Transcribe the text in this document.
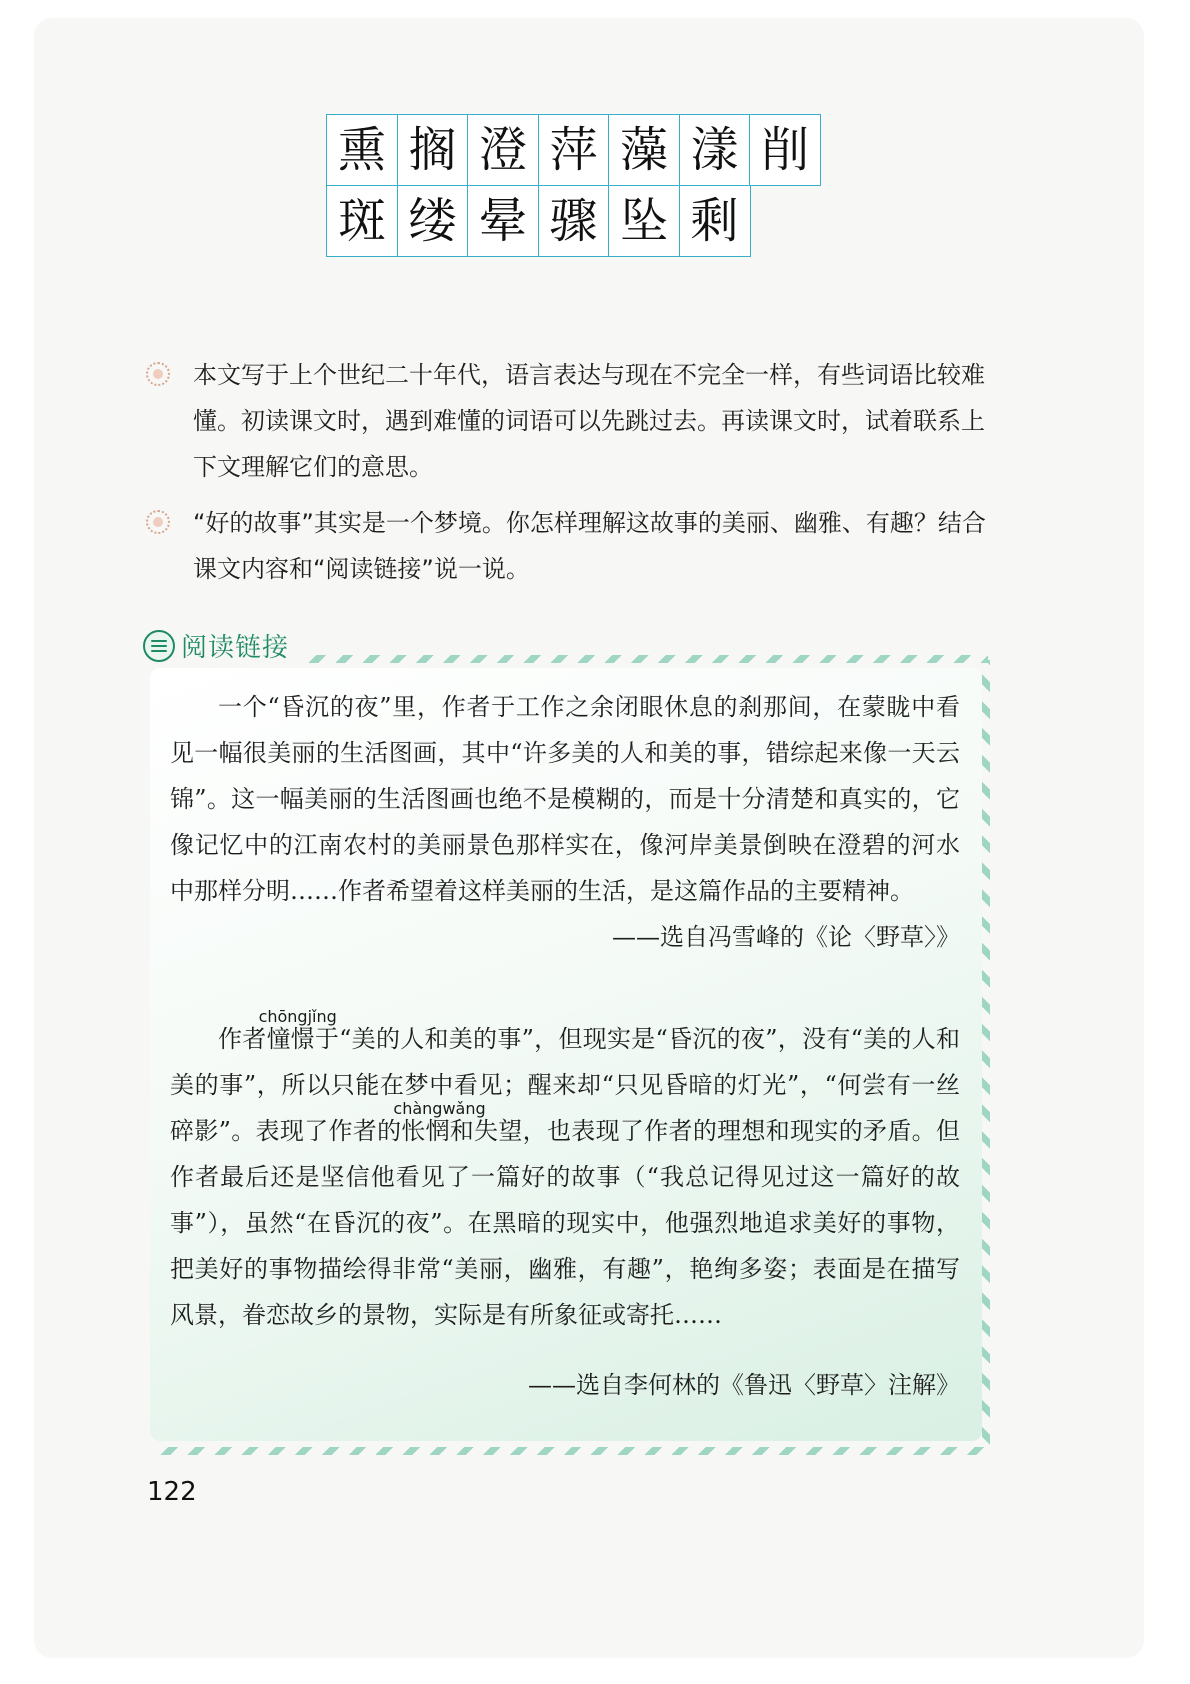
熏 搁 澄 萍 藻 漾 削
斑 缕 晕 骤 坠 剩
本文写于上个世纪二十年代，语言表达与现在不完全一样，有些词语比较难懂。初读课文时，遇到难懂的词语可以先跳过去。再读课文时，试着联系上下文理解它们的意思。
“好的故事”其实是一个梦境。你怎样理解这故事的美丽、幽雅、有趣？结合课文内容和“阅读链接”说一说。
阅读链接

一个“昏沉的夜”里，作者于工作之余闭眼休息的刹那间，在蒙眬中看见一幅很美丽的生活图画，其中“许多美的人和美的事，错综起来像一天云锦”。这一幅美丽的生活图画也绝不是模糊的，而是十分清楚和真实的，它像记忆中的江南农村的美丽景色那样实在，像河岸美景倒映在澄碧的河水中那样分明……作者希望着这样美丽的生活，是这篇作品的主要精神。

——选自冯雪峰的《论〈野草〉》

作者
chōngjǐng
憧憬于“美的人和美的事”，但现实是“昏沉的夜”，没有“美的人和美的事”，所以只能在梦中看见；醒来却“只见昏暗的灯光”，“何尝有一丝碎影”。表现了作者的
chàngwǎng
怅惘和失望，也表现了作者的理想和现实的矛盾。但作者最后还是坚信他看见了一篇好的故事（“我总记得见过这一篇好的故事”），虽然“在昏沉的夜”。在黑暗的现实中，他强烈地追求美好的事物，把美好的事物描绘得非常“美丽，幽雅，有趣”，艳绚多姿；表面是在描写风景，眷恋故乡的景物，实际是有所象征或寄托……

——选自李何林的《鲁迅〈野草〉注解》

122
